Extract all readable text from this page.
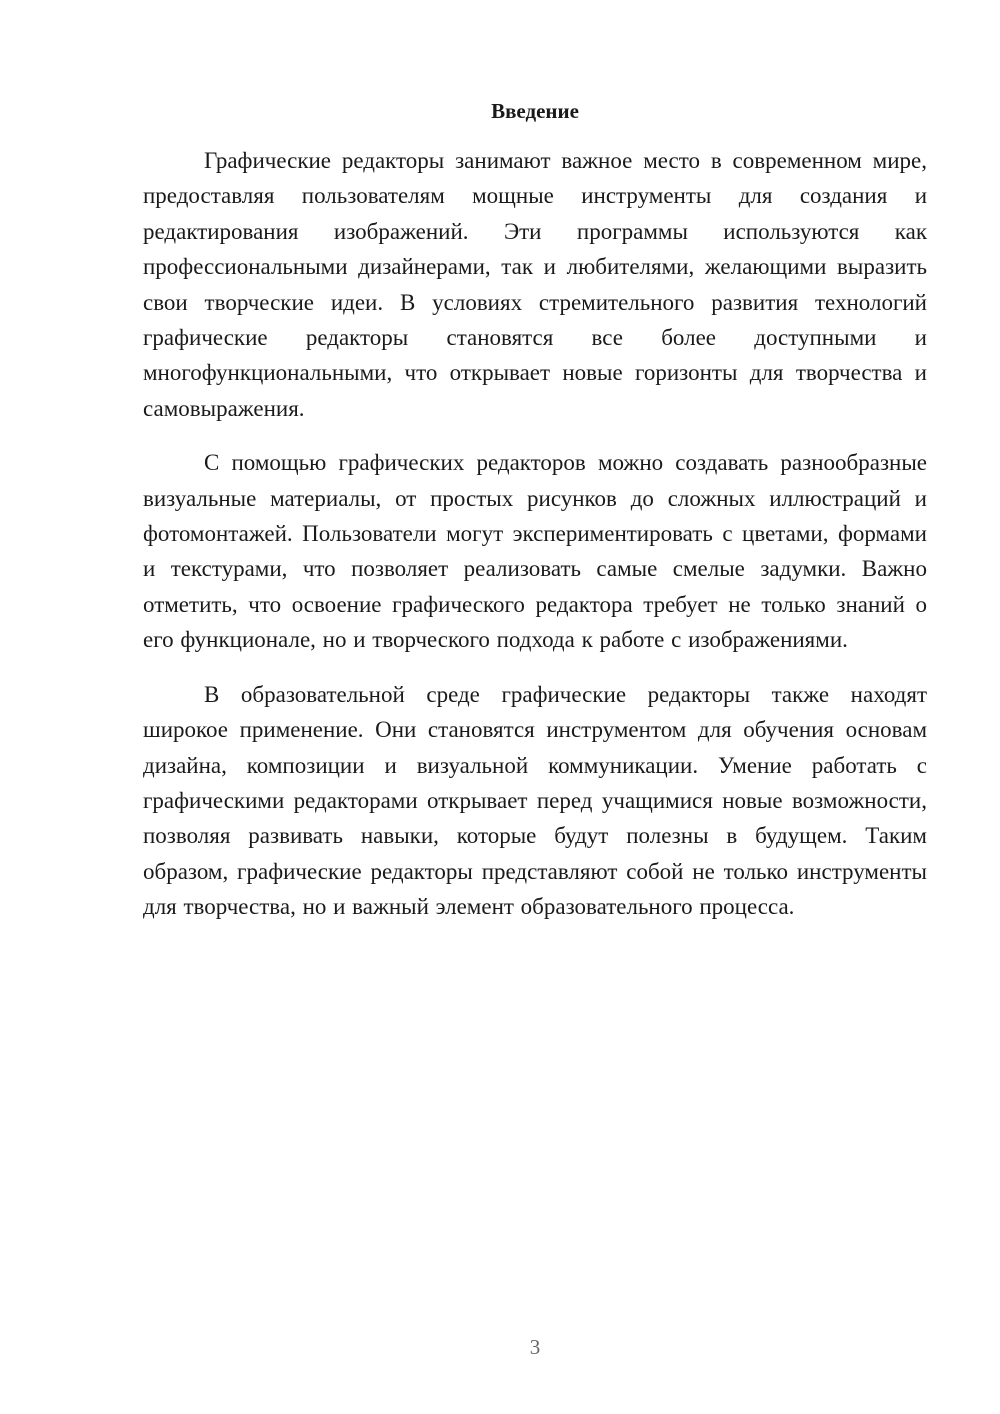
Введение

Графические редакторы занимают важное место в современном мире, предоставляя пользователям мощные инструменты для создания и редактирования изображений. Эти программы используются как профессиональными дизайнерами, так и любителями, желающими выразить свои творческие идеи. В условиях стремительного развития технологий графические редакторы становятся все более доступными и многофункциональными, что открывает новые горизонты для творчества и самовыражения.

С помощью графических редакторов можно создавать разнообразные визуальные материалы, от простых рисунков до сложных иллюстраций и фотомонтажей. Пользователи могут экспериментировать с цветами, формами и текстурами, что позволяет реализовать самые смелые задумки. Важно отметить, что освоение графического редактора требует не только знаний о его функционале, но и творческого подхода к работе с изображениями.

В образовательной среде графические редакторы также находят широкое применение. Они становятся инструментом для обучения основам дизайна, композиции и визуальной коммуникации. Умение работать с графическими редакторами открывает перед учащимися новые возможности, позволяя развивать навыки, которые будут полезны в будущем. Таким образом, графические редакторы представляют собой не только инструменты для творчества, но и важный элемент образовательного процесса.

3
